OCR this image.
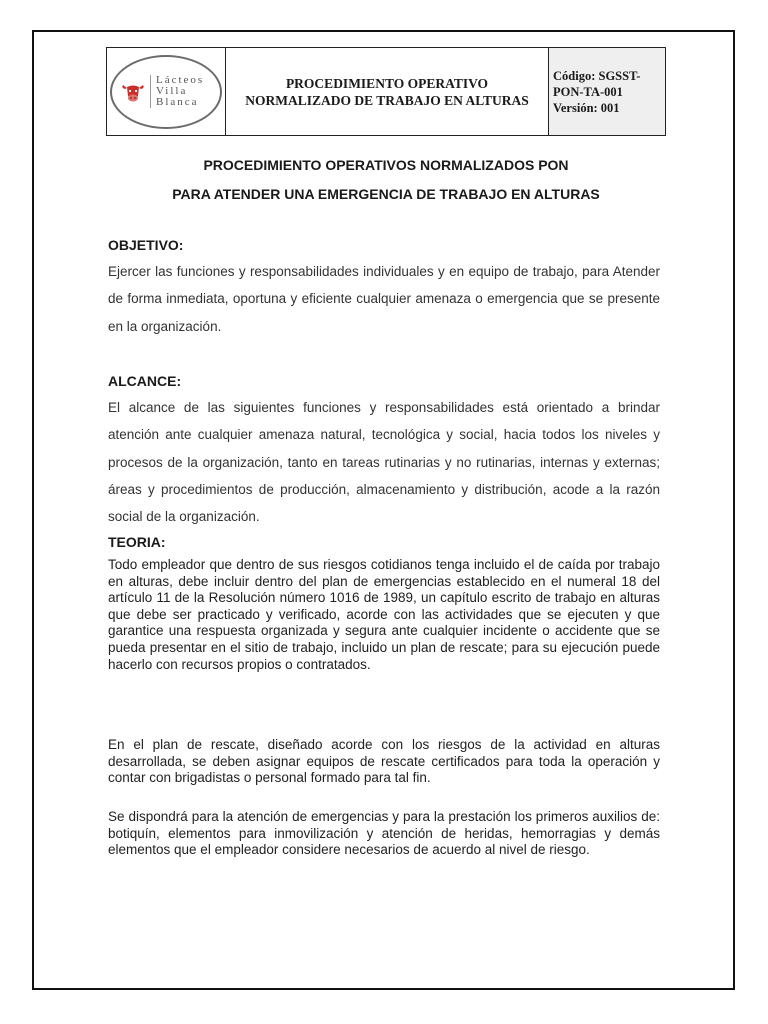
Lácteos
Villa
Blanca
PROCEDIMIENTO OPERATIVO
NORMALIZADO DE TRABAJO EN ALTURAS
Código: SGSST-
PON-TA-001
Versión: 001
PROCEDIMIENTO OPERATIVOS NORMALIZADOS PON
PARA ATENDER UNA EMERGENCIA DE TRABAJO EN ALTURAS
OBJETIVO:
Ejercer las funciones y responsabilidades individuales y en equipo de trabajo, para Atender de forma inmediata, oportuna y eficiente cualquier amenaza o emergencia que se presente en la organización.
ALCANCE:
El alcance de las siguientes funciones y responsabilidades está orientado a brindar atención ante cualquier amenaza natural, tecnológica y social, hacia todos los niveles y procesos de la organización, tanto en tareas rutinarias y no rutinarias, internas y externas; áreas y procedimientos de producción, almacenamiento y distribución, acode a la razón social de la organización.
TEORIA:
Todo empleador que dentro de sus riesgos cotidianos tenga incluido el de caída por trabajo en alturas, debe incluir dentro del plan de emergencias establecido en el numeral 18 del artículo 11 de la Resolución número 1016 de 1989, un capítulo escrito de trabajo en alturas que debe ser practicado y verificado, acorde con las actividades que se ejecuten y que garantice una respuesta organizada y segura ante cualquier incidente o accidente que se pueda presentar en el sitio de trabajo, incluido un plan de rescate; para su ejecución puede hacerlo con recursos propios o contratados.
En el plan de rescate, diseñado acorde con los riesgos de la actividad en alturas desarrollada, se deben asignar equipos de rescate certificados para toda la operación y contar con brigadistas o personal formado para tal fin.
Se dispondrá para la atención de emergencias y para la prestación los primeros auxilios de: botiquín, elementos para inmovilización y atención de heridas, hemorragias y demás elementos que el empleador considere necesarios de acuerdo al nivel de riesgo.
